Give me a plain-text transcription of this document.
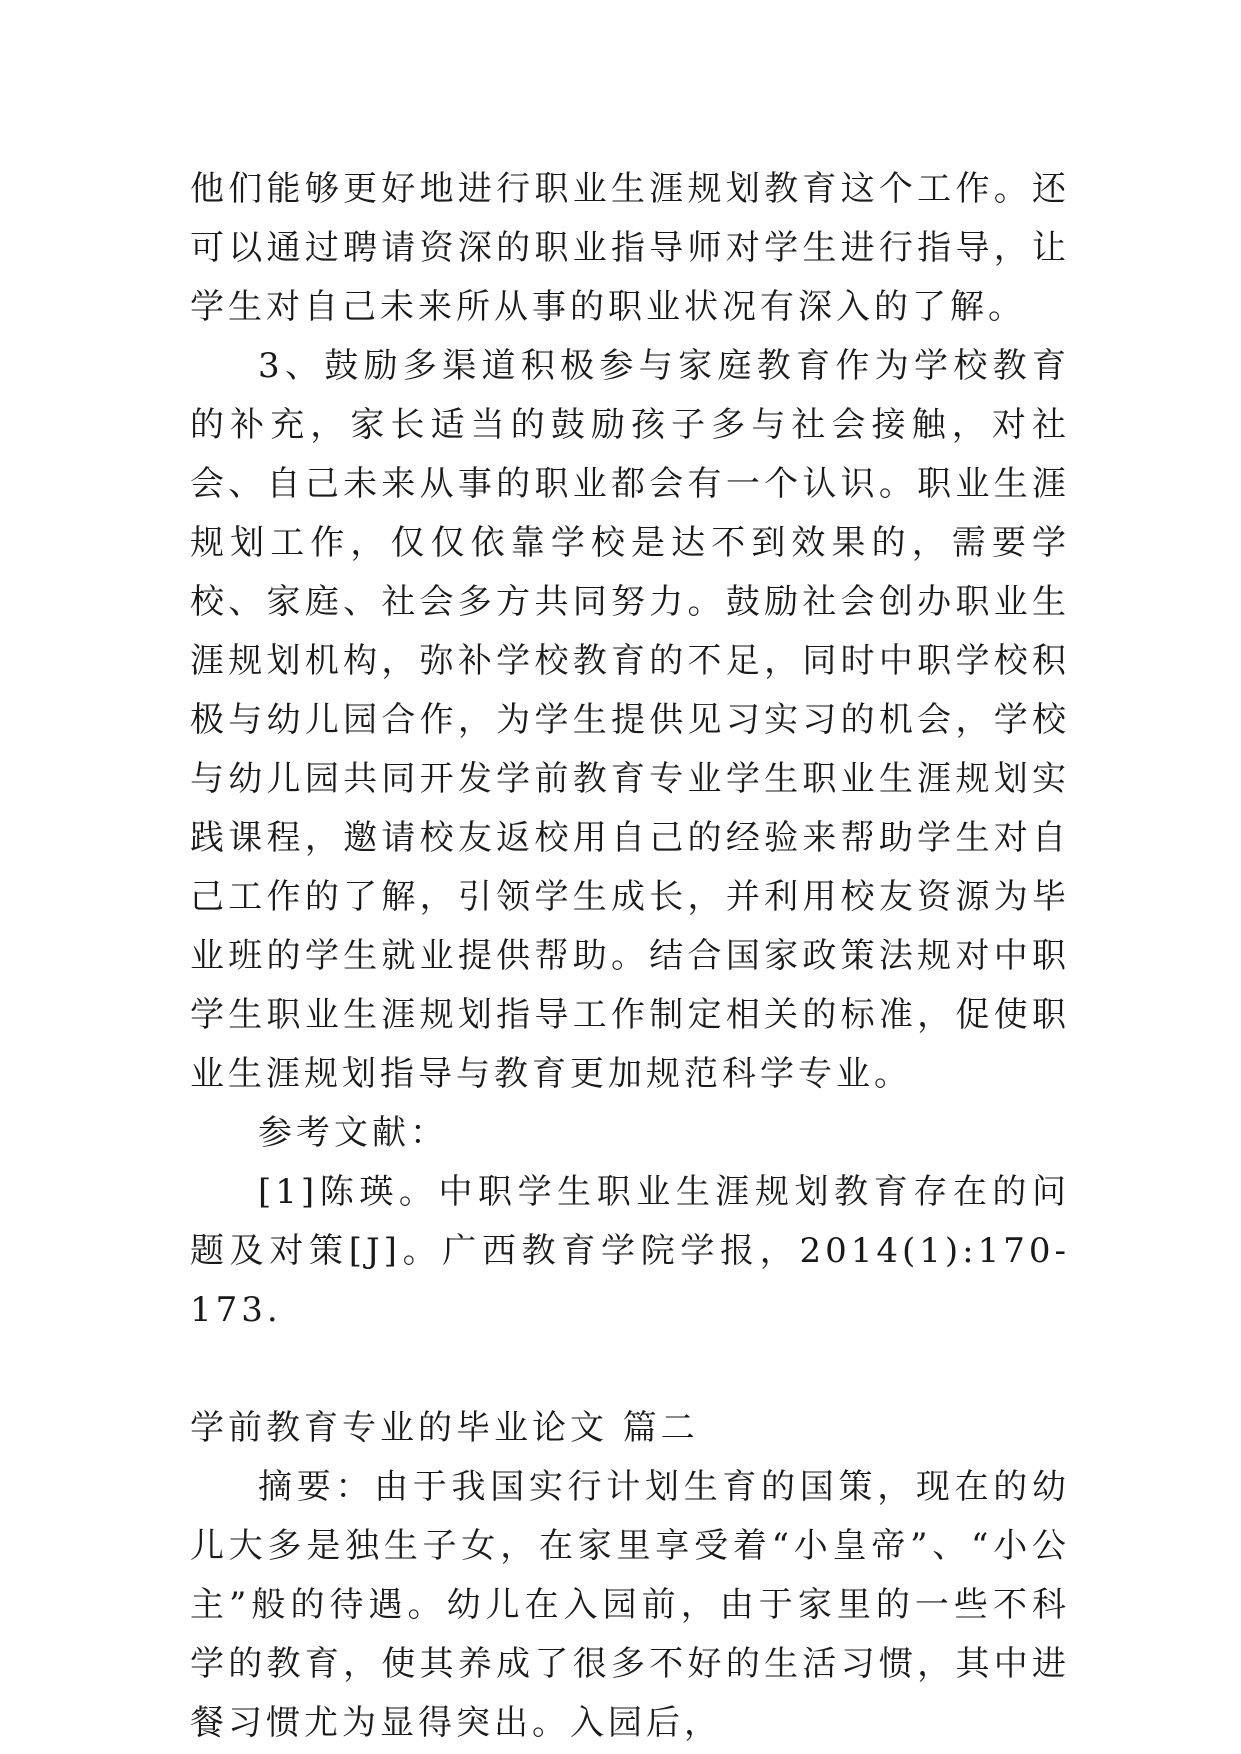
他们能够更好地进行职业生涯规划教育这个工作。还可以通过聘请资深的职业指导师对学生进行指导，让学生对自己未来所从事的职业状况有深入的了解。

3、鼓励多渠道积极参与家庭教育作为学校教育的补充，家长适当的鼓励孩子多与社会接触，对社会、自己未来从事的职业都会有一个认识。职业生涯规划工作，仅仅依靠学校是达不到效果的，需要学校、家庭、社会多方共同努力。鼓励社会创办职业生涯规划机构，弥补学校教育的不足，同时中职学校积极与幼儿园合作，为学生提供见习实习的机会，学校与幼儿园共同开发学前教育专业学生职业生涯规划实践课程，邀请校友返校用自己的经验来帮助学生对自己工作的了解，引领学生成长，并利用校友资源为毕业班的学生就业提供帮助。结合国家政策法规对中职学生职业生涯规划指导工作制定相关的标准，促使职业生涯规划指导与教育更加规范科学专业。

参考文献：

[1]陈瑛。中职学生职业生涯规划教育存在的问题及对策[J]。广西教育学院学报，2014(1):170-173.

学前教育专业的毕业论文 篇二

摘要：由于我国实行计划生育的国策，现在的幼儿大多是独生子女，在家里享受着“小皇帝”、“小公主”般的待遇。幼儿在入园前，由于家里的一些不科学的教育，使其养成了很多不好的生活习惯，其中进餐习惯尤为显得突出。入园后，
